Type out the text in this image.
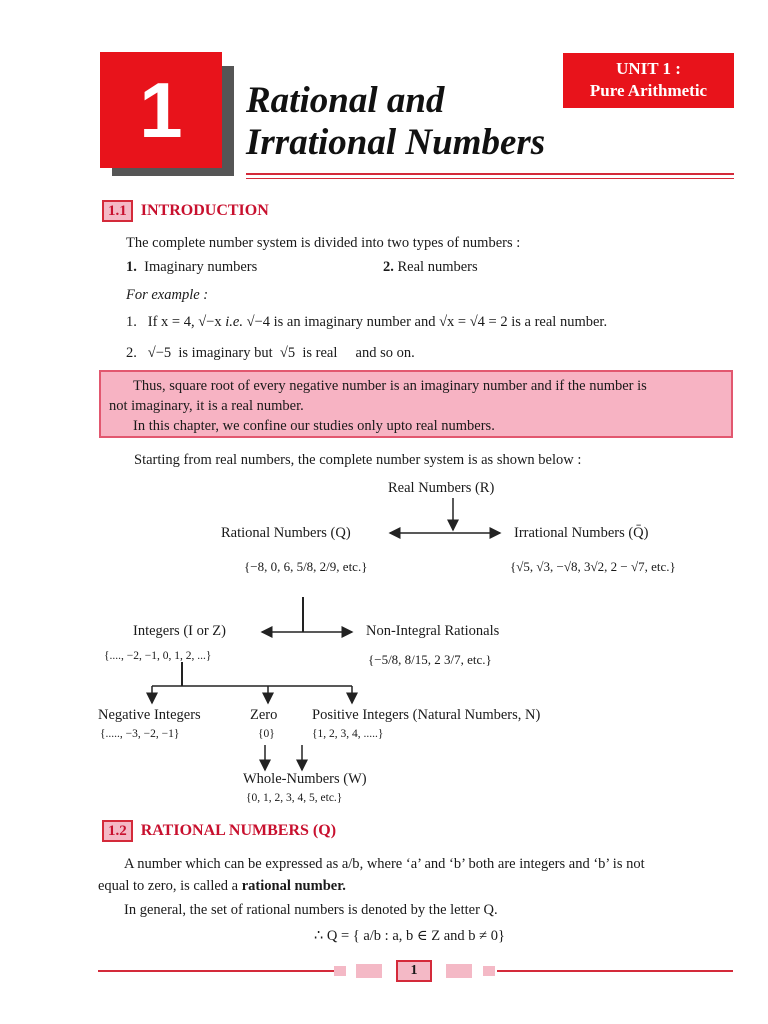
1 Rational and
Irrational Numbers
UNIT 1 :
Pure Arithmetic
1.1 INTRODUCTION
The complete number system is divided into two types of numbers :
1. Imaginary numbers	2. Real numbers
For example :
1. If x = 4, √−x i.e. √−4 is an imaginary number and √x = √4 = 2 is a real number.
2. √−5 is imaginary but √5 is real and so on.
Thus, square root of every negative number is an imaginary number and if the number is
not imaginary, it is a real number.
In this chapter, we confine our studies only upto real numbers.
Starting from real numbers, the complete number system is as shown below :
Real Numbers (R)
Rational Numbers (Q)	Irrational Numbers (Q̄)
{−8, 0, 6, 5/8, 2/9, etc.}	{√5, √3, −√8, 3√2, 2 − √7, etc.}
Integers (I or Z)	Non-Integral Rationals
{...., −2, −1, 0, 1, 2, ...}	{−5/8, 8/15, 2 3/7, etc.}
Negative Integers	Zero Positive Integers (Natural Numbers, N)
{....., −3, −2, −1}	{0}	{1, 2, 3, 4, .....}
Whole-Numbers (W)
{0, 1, 2, 3, 4, 5, etc.}
1.2 RATIONAL NUMBERS (Q)
A number which can be expressed as a/b, where ‘a’ and ‘b’ both are integers and ‘b’ is not
equal to zero, is called a rational number.
In general, the set of rational numbers is denoted by the letter Q.
∴ Q = { a/b : a, b ∈ Z and b ≠ 0}
1
